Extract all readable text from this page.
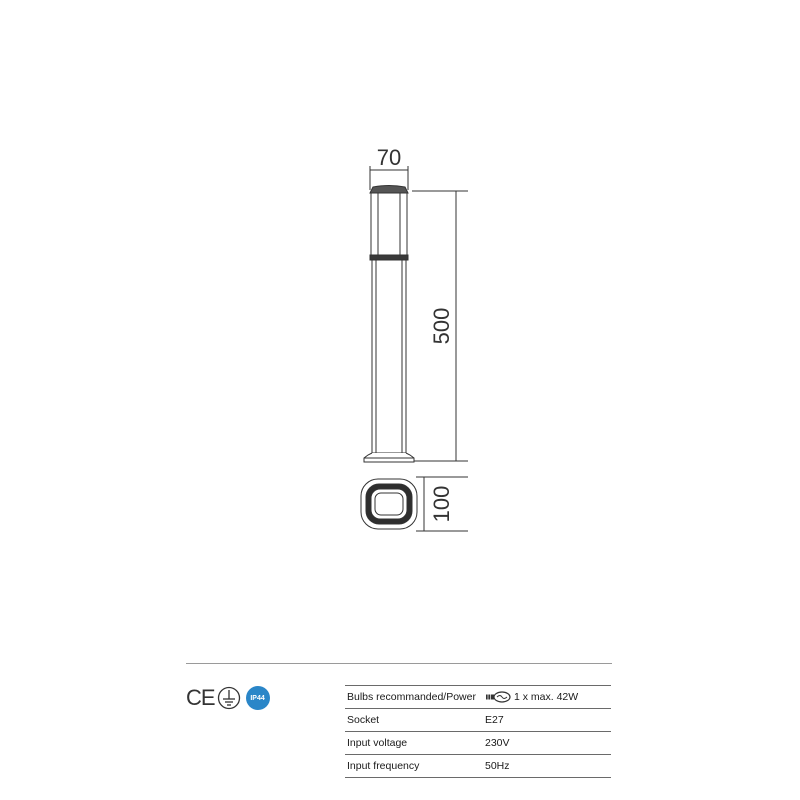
70
500
100
CE	IP44	Bulbs recommanded/Power	1 x max. 42W
Socket	E27
Input voltage	230V
Input frequency	50Hz
